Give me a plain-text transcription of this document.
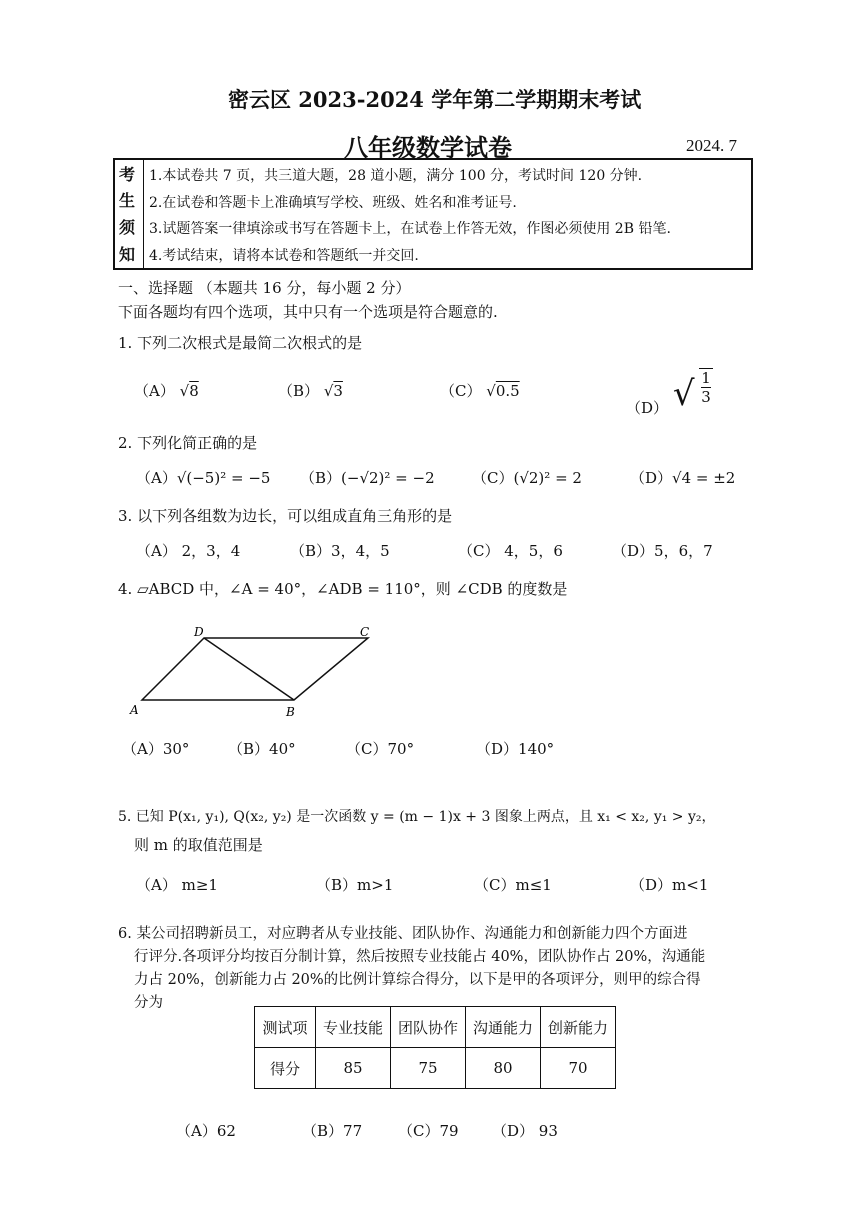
密云区 2023-2024 学年第二学期期末考试
八年级数学试卷	2024. 7
考
生
须
知
1.本试卷共 7 页，共三道大题，28 道小题，满分 100 分，考试时间 120 分钟.
2.在试卷和答题卡上准确填写学校、班级、姓名和准考证号.
3.试题答案一律填涂或书写在答题卡上，在试卷上作答无效，作图必须使用 2B 铅笔.
4.考试结束，请将本试卷和答题纸一并交回.
一、选择题 （本题共 16 分，每小题 2 分）
下面各题均有四个选项，其中只有一个选项是符合题意的.
1. 下列二次根式是最简二次根式的是
（A） √8	（B） √3	（C） √0.5
（D） √ $\frac{1}{3}$
2. 下列化简正确的是
（A）√(−5)² = −5 （B）(−√2)² = −2 （C）(√2)² = 2	（D）√4 = ±2
3. 以下列各组数为边长，可以组成直角三角形的是
（A） 2，3，4	（B）3，4，5	（C） 4，5，6	（D）5，6，7
4. ▱ABCD 中，∠A = 40°，∠ADB = 110°，则 ∠CDB 的度数是
A	B
C
D
（A）30°	（B）40°	（C）70°	（D）140°
5. 已知 P(x₁, y₁), Q(x₂, y₂) 是一次函数 y = (m − 1)x + 3 图象上两点，且 x₁ < x₂, y₁ > y₂，
则 m 的取值范围是
（A） m≥1	（B）m>1	（C）m≤1	（D）m<1
6. 某公司招聘新员工，对应聘者从专业技能、团队协作、沟通能力和创新能力四个方面进
行评分.各项评分均按百分制计算，然后按照专业技能占 40%，团队协作占 20%，沟通能
力占 20%，创新能力占 20%的比例计算综合得分，以下是甲的各项评分，则甲的综合得
分为
测试项	专业技能	团队协作	沟通能力	创新能力
得分	85	75	80	70
（A）62	（B）77 （C）79 （D） 93
